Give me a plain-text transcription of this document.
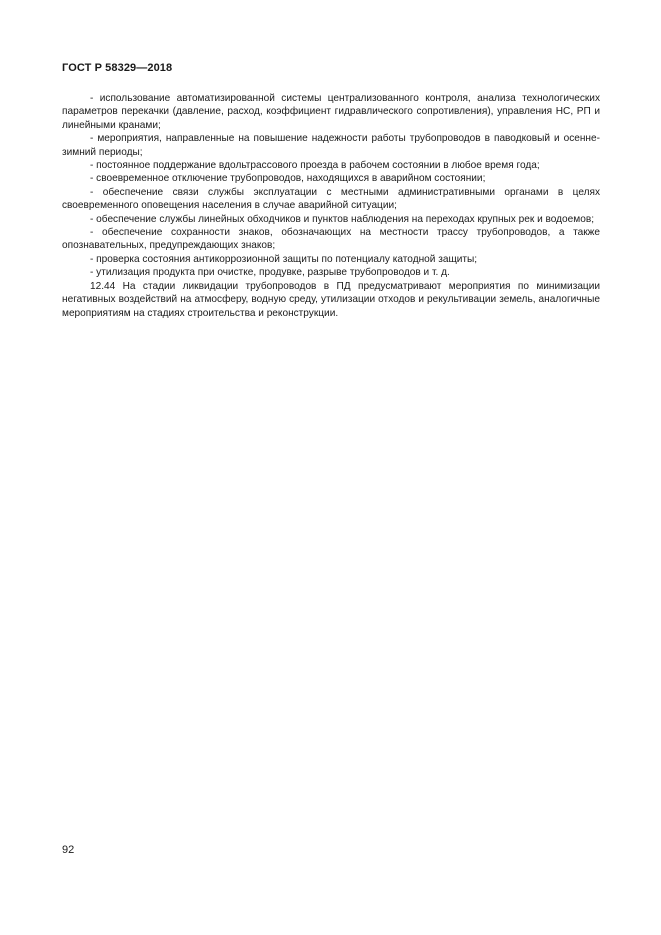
ГОСТ Р 58329—2018

- использование автоматизированной системы централизованного контроля, анализа технологических параметров перекачки (давление, расход, коэффициент гидравлического сопротивления), управления НС, РП и линейными кранами;

- мероприятия, направленные на повышение надежности работы трубопроводов в паводковый и осенне-зимний периоды;

- постоянное поддержание вдольтрассового проезда в рабочем состоянии в любое время года;

- своевременное отключение трубопроводов, находящихся в аварийном состоянии;

- обеспечение связи службы эксплуатации с местными административными органами в целях своевременного оповещения населения в случае аварийной ситуации;

- обеспечение службы линейных обходчиков и пунктов наблюдения на переходах крупных рек и водоемов;

- обеспечение сохранности знаков, обозначающих на местности трассу трубопроводов, а также опознавательных, предупреждающих знаков;

- проверка состояния антикоррозионной защиты по потенциалу катодной защиты;

- утилизация продукта при очистке, продувке, разрыве трубопроводов и т. д.

12.44 На стадии ликвидации трубопроводов в ПД предусматривают мероприятия по минимизации негативных воздействий на атмосферу, водную среду, утилизации отходов и рекультивации земель, аналогичные мероприятиям на стадиях строительства и реконструкции.

92
